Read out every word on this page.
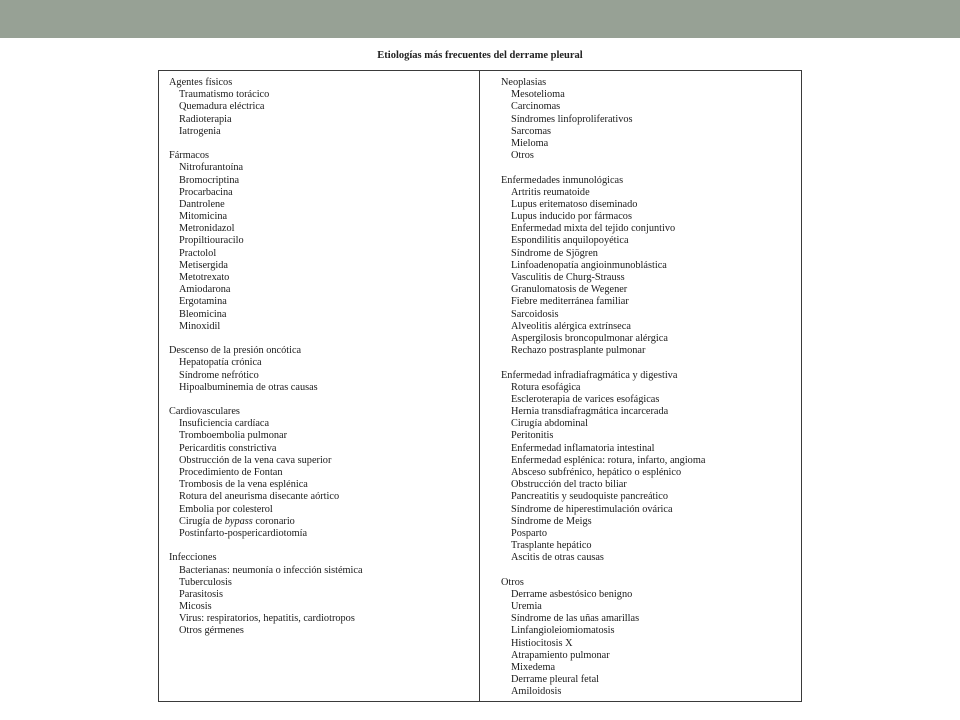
Etiologías más frecuentes del derrame pleural
Agentes físicos
Traumatismo torácico
Quemadura eléctrica
Radioterapia
Iatrogenia
Fármacos
Nitrofurantoína
Bromocriptina
Procarbacina
Dantrolene
Mitomicina
Metronidazol
Propiltiouracilo
Practolol
Metisergida
Metotrexato
Amiodarona
Ergotamina
Bleomicina
Minoxidil
Descenso de la presión oncótica
Hepatopatía crónica
Síndrome nefrótico
Hipoalbuminemia de otras causas
Cardiovasculares
Insuficiencia cardíaca
Tromboembolia pulmonar
Pericarditis constrictiva
Obstrucción de la vena cava superior
Procedimiento de Fontan
Trombosis de la vena esplénica
Rotura del aneurisma disecante aórtico
Embolia por colesterol
Cirugía de bypass coronario
Postinfarto-pospericardiotomía
Infecciones
Bacterianas: neumonía o infección sistémica
Tuberculosis
Parasitosis
Micosis
Virus: respiratorios, hepatitis, cardiotropos
Otros gérmenes
Neoplasias
Mesotelioma
Carcinomas
Síndromes linfoproliferativos
Sarcomas
Mieloma
Otros
Enfermedades inmunológicas
Artritis reumatoide
Lupus eritematoso diseminado
Lupus inducido por fármacos
Enfermedad mixta del tejido conjuntivo
Espondilitis anquilopoyética
Síndrome de Sjögren
Linfoadenopatía angioinmunoblástica
Vasculitis de Churg-Strauss
Granulomatosis de Wegener
Fiebre mediterránea familiar
Sarcoidosis
Alveolitis alérgica extrínseca
Aspergilosis broncopulmonar alérgica
Rechazo postrasplante pulmonar
Enfermedad infradiafragmática y digestiva
Rotura esofágica
Escleroterapia de varices esofágicas
Hernia transdiafragmática incarcerada
Cirugía abdominal
Peritonitis
Enfermedad inflamatoria intestinal
Enfermedad esplénica: rotura, infarto, angioma
Absceso subfrénico, hepático o esplénico
Obstrucción del tracto biliar
Pancreatitis y seudoquiste pancreático
Síndrome de hiperestimulación ovárica
Síndrome de Meigs
Posparto
Trasplante hepático
Ascitis de otras causas
Otros
Derrame asbestósico benigno
Uremia
Síndrome de las uñas amarillas
Linfangioleiomiomatosis
Histiocitosis X
Atrapamiento pulmonar
Mixedema
Derrame pleural fetal
Amiloidosis
